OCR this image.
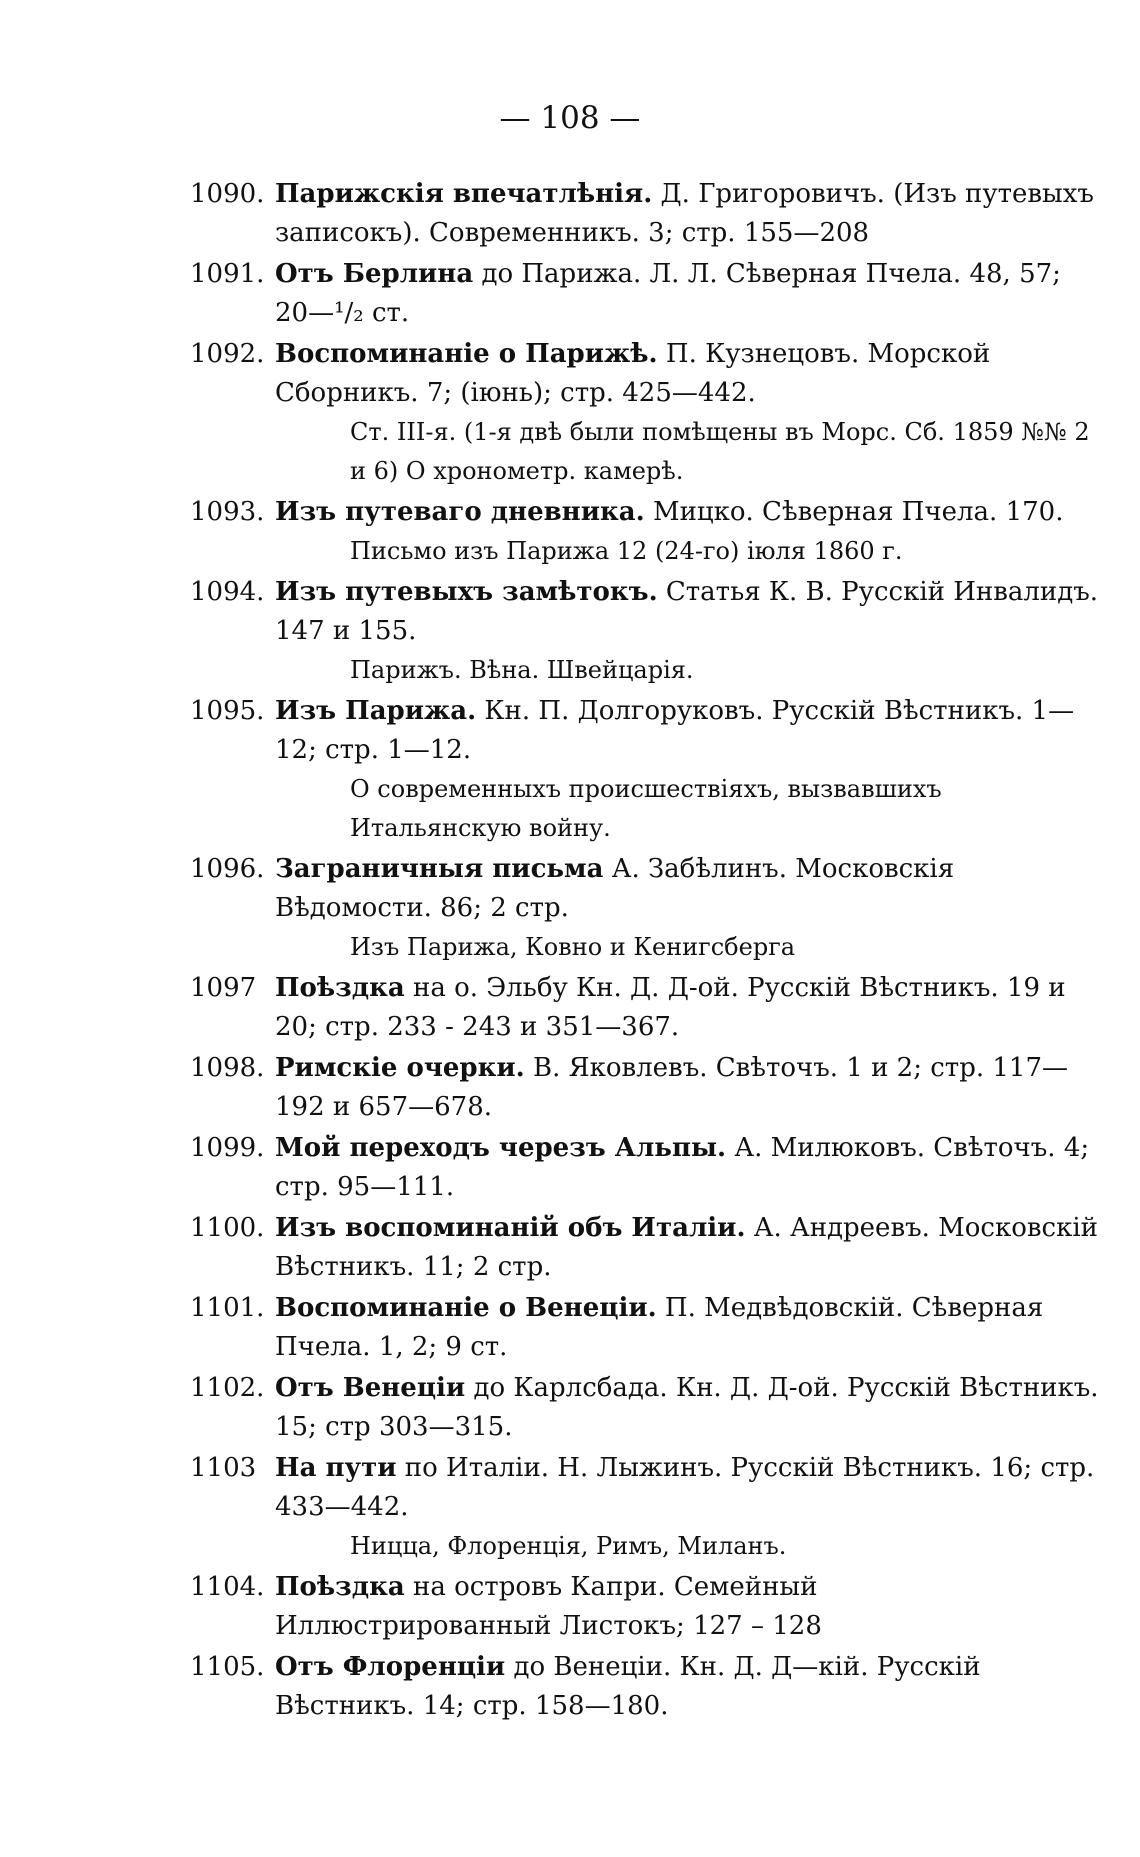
— 108 —
1090. Парижскія впечатлѣнія. Д. Григоровичъ. (Изъ путевыхъ записокъ). Современникъ. 3; стр. 155—208
1091. Отъ Берлина до Парижа. Л. Л. Сѣверная Пчела. 48, 57; 20—¹/₂ ст.
1092. Воспоминаніе о Парижѣ. П. Кузнецовъ. Морской Сборникъ. 7; (іюнь); стр. 425—442.
Ст. III-я. (1-я двѣ были помѣщены въ Морс. Сб. 1859 №№ 2 и 6) О хронометр. камерѣ.
1093. Изъ путеваго дневника. Мицко. Сѣверная Пчела. 170.
Письмо изъ Парижа 12 (24-го) іюля 1860 г.
1094. Изъ путевыхъ замѣтокъ. Статья К. В. Русскій Инвалидъ. 147 и 155.
Парижъ. Вѣна. Швейцарія.
1095. Изъ Парижа. Кн. П. Долгоруковъ. Русскій Вѣстникъ. 1—12; стр. 1—12.
О современныхъ происшествіяхъ, вызвавшихъ Итальянскую войну.
1096. Заграничныя письма А. Забѣлинъ. Московскія Вѣдомости. 86; 2 стр.
Изъ Парижа, Ковно и Кенигсберга
1097 Поѣздка на о. Эльбу Кн. Д. Д-ой. Русскій Вѣстникъ. 19 и 20; стр. 233 - 243 и 351—367.
1098. Римскіе очерки. В. Яковлевъ. Свѣточъ. 1 и 2; стр. 117—192 и 657—678.
1099. Мой переходъ черезъ Альпы. А. Милюковъ. Свѣточъ. 4; стр. 95—111.
1100. Изъ воспоминаній объ Италіи. А. Андреевъ. Московскій Вѣстникъ. 11; 2 стр.
1101. Воспоминаніе о Венеціи. П. Медвѣдовскій. Сѣверная Пчела. 1, 2; 9 ст.
1102. Отъ Венеціи до Карлсбада. Кн. Д. Д-ой. Русскій Вѣстникъ. 15; стр 303—315.
1103 На пути по Италіи. Н. Лыжинъ. Русскій Вѣстникъ. 16; стр. 433—442.
Ницца, Флоренція, Римъ, Миланъ.
1104. Поѣздка на островъ Капри. Семейный Иллюстрированный Листокъ; 127 – 128
1105. Отъ Флоренціи до Венеціи. Кн. Д. Д—кій. Русскій Вѣстникъ. 14; стр. 158—180.
